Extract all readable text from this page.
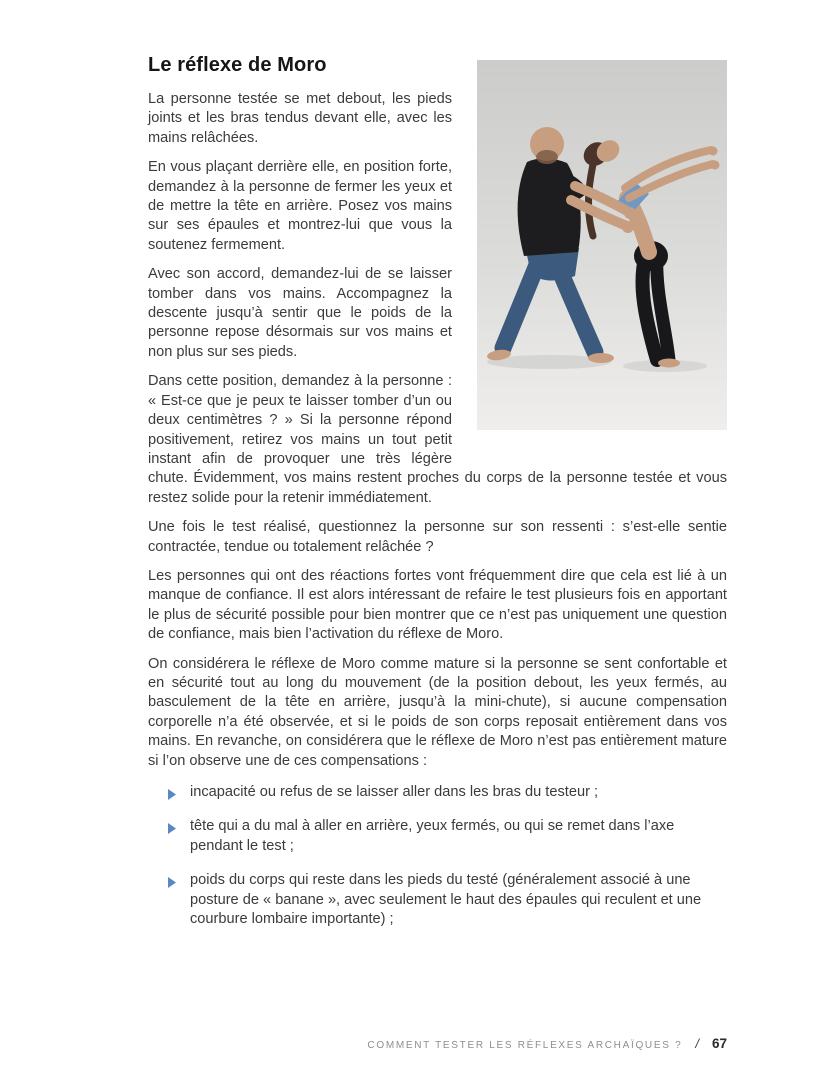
Le réflexe de Moro

La personne testée se met debout, les pieds joints et les bras tendus devant elle, avec les mains relâchées.

En vous plaçant derrière elle, en position forte, demandez à la personne de fermer les yeux et de mettre la tête en arrière. Posez vos mains sur ses épaules et montrez-lui que vous la soutenez fermement.

Avec son accord, demandez-lui de se laisser tomber dans vos mains. Accompagnez la descente jusqu’à sentir que le poids de la personne repose désormais sur vos mains et non plus sur ses pieds.

Dans cette position, demandez à la personne : « Est-ce que je peux te laisser tomber d’un ou deux centimètres ? » Si la personne répond positivement, retirez vos mains un tout petit instant afin de provoquer une très légère chute. Évidemment, vos mains restent proches du corps de la personne testée et vous restez solide pour la retenir immédiatement.

Une fois le test réalisé, questionnez la personne sur son ressenti : s’est-elle sentie contractée, tendue ou totalement relâchée ?

Les personnes qui ont des réactions fortes vont fréquemment dire que cela est lié à un manque de confiance. Il est alors intéressant de refaire le test plusieurs fois en apportant le plus de sécurité possible pour bien montrer que ce n’est pas uniquement une question de confiance, mais bien l’activation du réflexe de Moro.

On considérera le réflexe de Moro comme mature si la personne se sent confortable et en sécurité tout au long du mouvement (de la position debout, les yeux fermés, au basculement de la tête en arrière, jusqu’à la mini-chute), si aucune compensation corporelle n’a été observée, et si le poids de son corps reposait entièrement dans vos mains. En revanche, on considérera que le réflexe de Moro n’est pas entièrement mature si l’on observe une de ces compensations :

incapacité ou refus de se laisser aller dans les bras du testeur ;
tête qui a du mal à aller en arrière, yeux fermés, ou qui se remet dans l’axe pendant le test ;
poids du corps qui reste dans les pieds du testé (généralement associé à une posture de « banane », avec seulement le haut des épaules qui reculent et une courbure lombaire importante) ;
COMMENT TESTER LES RÉFLEXES ARCHAÏQUES ? / 67
